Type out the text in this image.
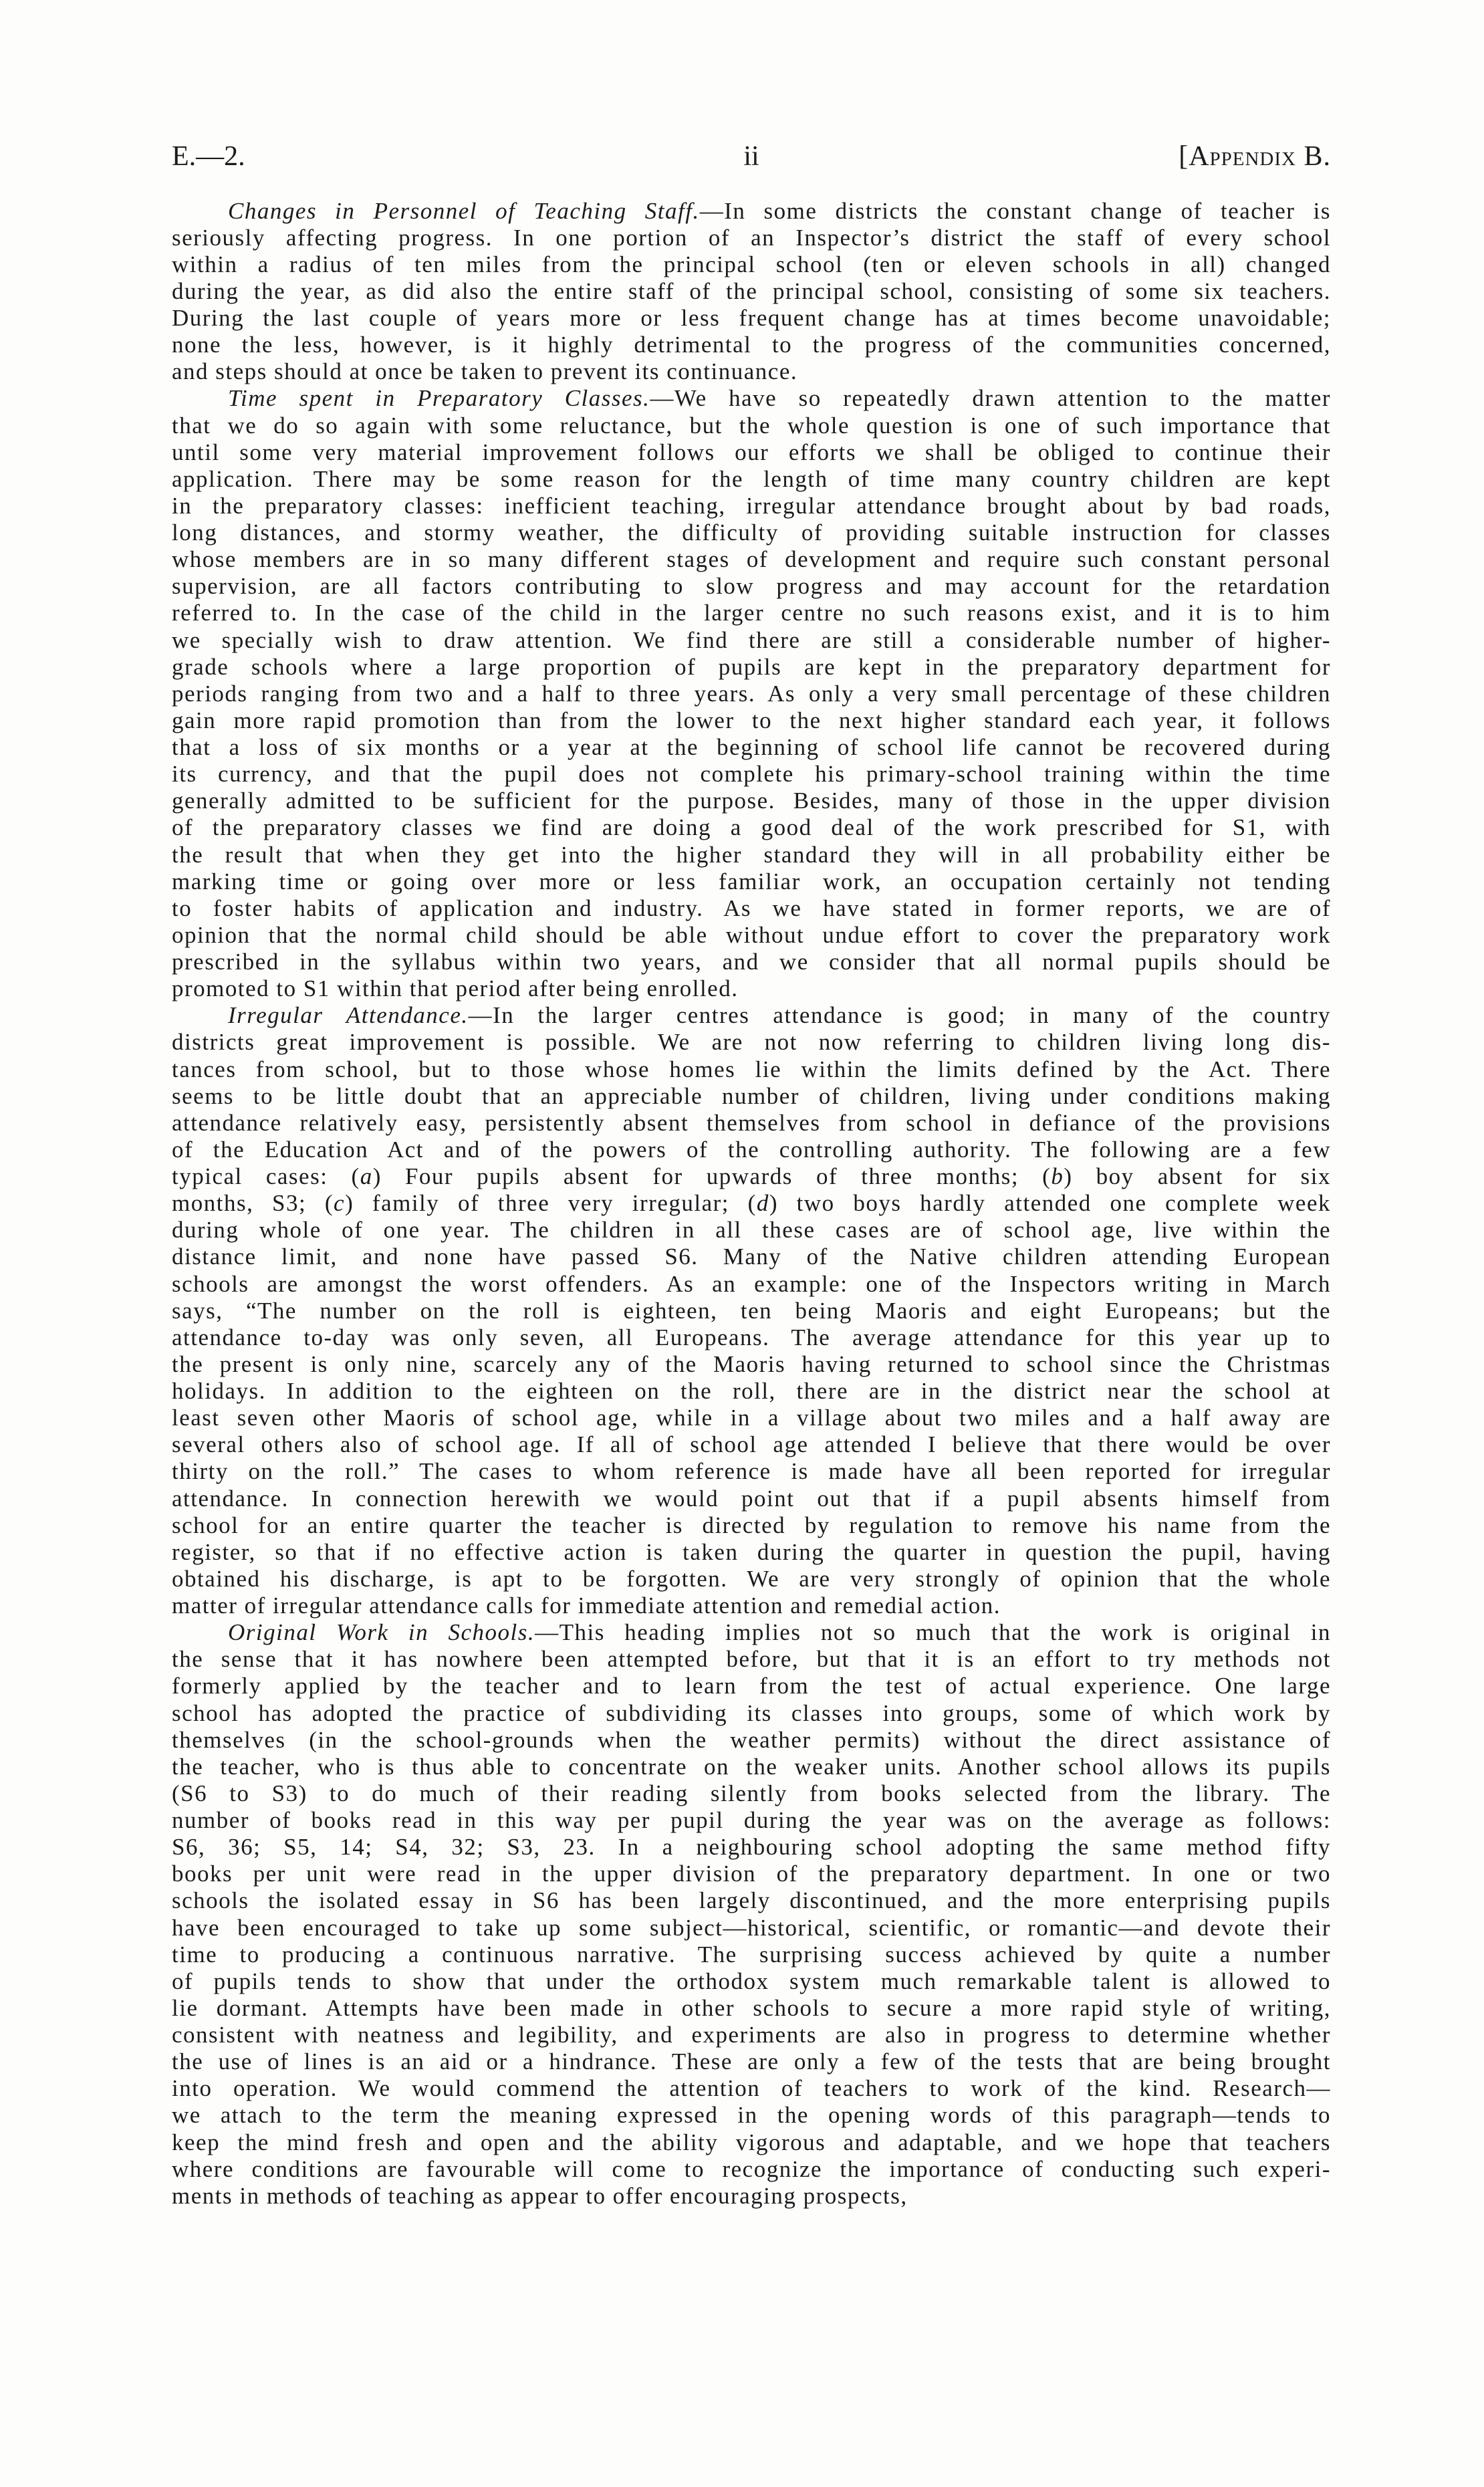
E.—2.	ii	[Appendix B.
Changes in Personnel of Teaching Staff.—In some districts the constant change of teacher is
seriously affecting progress. In one portion of an Inspector’s district the staff of every school
within a radius of ten miles from the principal school (ten or eleven schools in all) changed
during the year, as did also the entire staff of the principal school, consisting of some six teachers.
During the last couple of years more or less frequent change has at times become unavoidable;
none the less, however, is it highly detrimental to the progress of the communities concerned,
and steps should at once be taken to prevent its continuance.
Time spent in Preparatory Classes.—We have so repeatedly drawn attention to the matter
that we do so again with some reluctance, but the whole question is one of such importance that
until some very material improvement follows our efforts we shall be obliged to continue their
application. There may be some reason for the length of time many country children are kept
in the preparatory classes: inefficient teaching, irregular attendance brought about by bad roads,
long distances, and stormy weather, the difficulty of providing suitable instruction for classes
whose members are in so many different stages of development and require such constant personal
supervision, are all factors contributing to slow progress and may account for the retardation
referred to. In the case of the child in the larger centre no such reasons exist, and it is to him
we specially wish to draw attention. We find there are still a considerable number of higher-
grade schools where a large proportion of pupils are kept in the preparatory department for
periods ranging from two and a half to three years. As only a very small percentage of these children
gain more rapid promotion than from the lower to the next higher standard each year, it follows
that a loss of six months or a year at the beginning of school life cannot be recovered during
its currency, and that the pupil does not complete his primary-school training within the time
generally admitted to be sufficient for the purpose. Besides, many of those in the upper division
of the preparatory classes we find are doing a good deal of the work prescribed for S1, with
the result that when they get into the higher standard they will in all probability either be
marking time or going over more or less familiar work, an occupation certainly not tending
to foster habits of application and industry. As we have stated in former reports, we are of
opinion that the normal child should be able without undue effort to cover the preparatory work
prescribed in the syllabus within two years, and we consider that all normal pupils should be
promoted to S1 within that period after being enrolled.
Irregular Attendance.—In the larger centres attendance is good; in many of the country
districts great improvement is possible. We are not now referring to children living long dis-
tances from school, but to those whose homes lie within the limits defined by the Act. There
seems to be little doubt that an appreciable number of children, living under conditions making
attendance relatively easy, persistently absent themselves from school in defiance of the provisions
of the Education Act and of the powers of the controlling authority. The following are a few
typical cases: (a) Four pupils absent for upwards of three months; (b) boy absent for six
months, S3; (c) family of three very irregular; (d) two boys hardly attended one complete week
during whole of one year. The children in all these cases are of school age, live within the
distance limit, and none have passed S6. Many of the Native children attending European
schools are amongst the worst offenders. As an example: one of the Inspectors writing in March
says, “The number on the roll is eighteen, ten being Maoris and eight Europeans; but the
attendance to-day was only seven, all Europeans. The average attendance for this year up to
the present is only nine, scarcely any of the Maoris having returned to school since the Christmas
holidays. In addition to the eighteen on the roll, there are in the district near the school at
least seven other Maoris of school age, while in a village about two miles and a half away are
several others also of school age. If all of school age attended I believe that there would be over
thirty on the roll.” The cases to whom reference is made have all been reported for irregular
attendance. In connection herewith we would point out that if a pupil absents himself from
school for an entire quarter the teacher is directed by regulation to remove his name from the
register, so that if no effective action is taken during the quarter in question the pupil, having
obtained his discharge, is apt to be forgotten. We are very strongly of opinion that the whole
matter of irregular attendance calls for immediate attention and remedial action.
Original Work in Schools.—This heading implies not so much that the work is original in
the sense that it has nowhere been attempted before, but that it is an effort to try methods not
formerly applied by the teacher and to learn from the test of actual experience. One large
school has adopted the practice of subdividing its classes into groups, some of which work by
themselves (in the school-grounds when the weather permits) without the direct assistance of
the teacher, who is thus able to concentrate on the weaker units. Another school allows its pupils
(S6 to S3) to do much of their reading silently from books selected from the library. The
number of books read in this way per pupil during the year was on the average as follows:
S6, 36; S5, 14; S4, 32; S3, 23. In a neighbouring school adopting the same method fifty
books per unit were read in the upper division of the preparatory department. In one or two
schools the isolated essay in S6 has been largely discontinued, and the more enterprising pupils
have been encouraged to take up some subject—historical, scientific, or romantic—and devote their
time to producing a continuous narrative. The surprising success achieved by quite a number
of pupils tends to show that under the orthodox system much remarkable talent is allowed to
lie dormant. Attempts have been made in other schools to secure a more rapid style of writing,
consistent with neatness and legibility, and experiments are also in progress to determine whether
the use of lines is an aid or a hindrance. These are only a few of the tests that are being brought
into operation. We would commend the attention of teachers to work of the kind. Research—
we attach to the term the meaning expressed in the opening words of this paragraph—tends to
keep the mind fresh and open and the ability vigorous and adaptable, and we hope that teachers
where conditions are favourable will come to recognize the importance of conducting such experi-
ments in methods of teaching as appear to offer encouraging prospects,
